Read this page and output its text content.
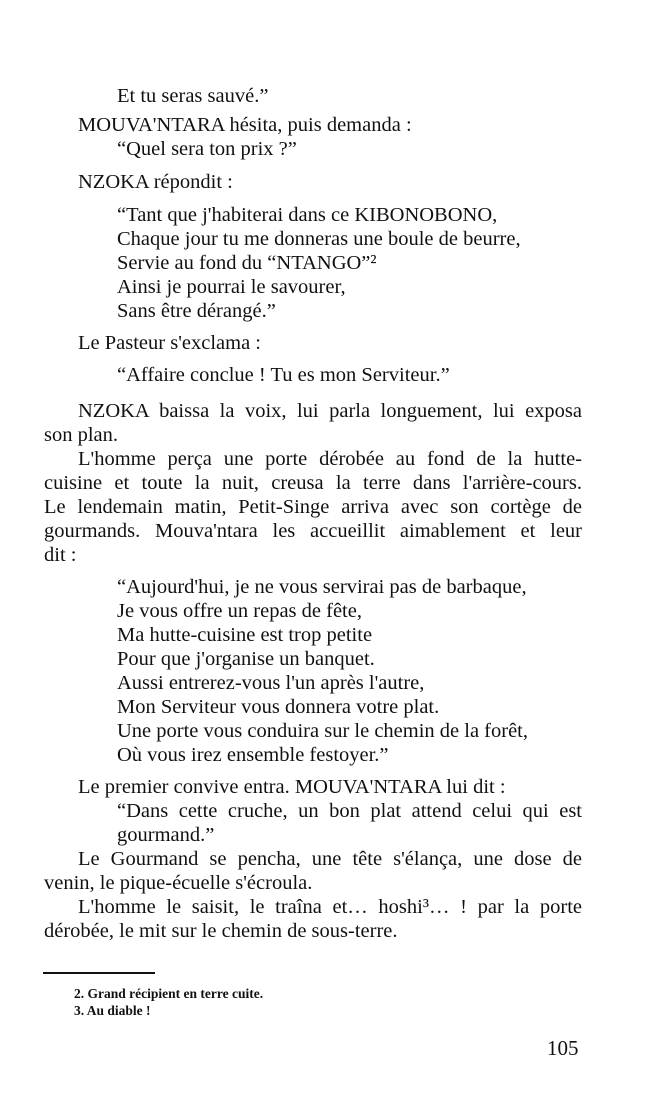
Et tu seras sauvé.”
MOUVA'NTARA hésita, puis demanda :
“Quel sera ton prix ?”
NZOKA répondit :
“Tant que j'habiterai dans ce KIBONOBONO,
Chaque jour tu me donneras une boule de beurre,
Servie au fond du “NTANGO”²
Ainsi je pourrai le savourer,
Sans être dérangé.”
Le Pasteur s'exclama :
“Affaire conclue ! Tu es mon Serviteur.”
NZOKA baissa la voix, lui parla longuement, lui exposa
son plan.
L'homme perça une porte dérobée au fond de la hutte-
cuisine et toute la nuit, creusa la terre dans l'arrière-cours.
Le lendemain matin, Petit-Singe arriva avec son cortège de
gourmands. Mouva'ntara les accueillit aimablement et leur
dit :
“Aujourd'hui, je ne vous servirai pas de barbaque,
Je vous offre un repas de fête,
Ma hutte-cuisine est trop petite
Pour que j'organise un banquet.
Aussi entrerez-vous l'un après l'autre,
Mon Serviteur vous donnera votre plat.
Une porte vous conduira sur le chemin de la forêt,
Où vous irez ensemble festoyer.”
Le premier convive entra. MOUVA'NTARA lui dit :
“Dans cette cruche, un bon plat attend celui qui est
gourmand.”
Le Gourmand se pencha, une tête s'élança, une dose de
venin, le pique-écuelle s'écroula.
L'homme le saisit, le traîna et… hoshi³… ! par la porte
dérobée, le mit sur le chemin de sous-terre.
2. Grand récipient en terre cuite.
3. Au diable !
105
